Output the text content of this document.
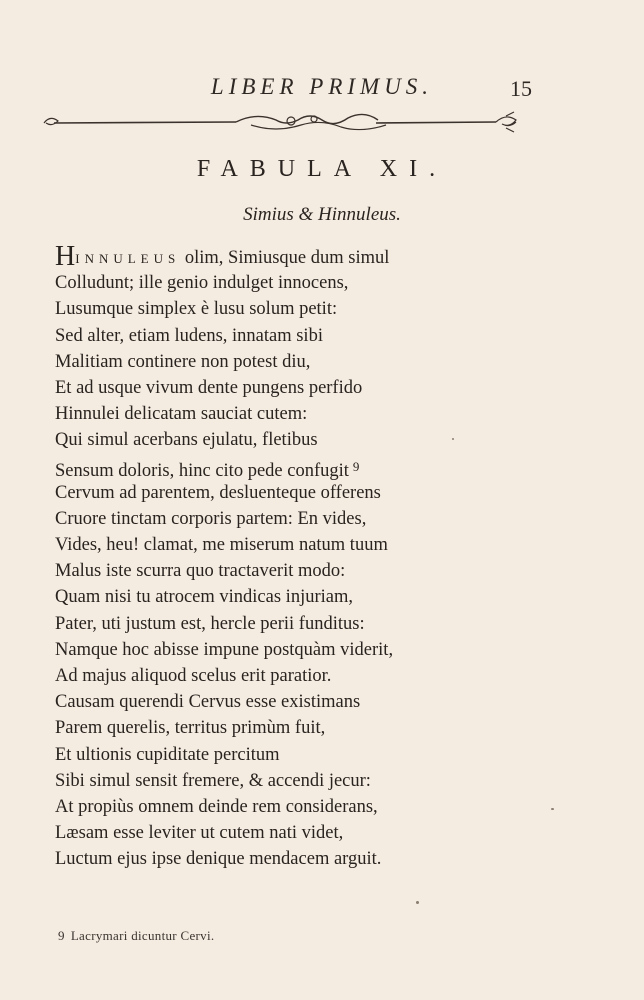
LIBER PRIMUS.	15
FABULA XI.
Simius & Hinnuleus.
HINNULEUS olim, Simiusque dum simul
Colludunt; ille genio indulget innocens,
Lusumque simplex è lusu solum petit:
Sed alter, etiam ludens, innatam sibi
Malitiam continere non potest diu,
Et ad usque vivum dente pungens perfido
Hinnulei delicatam sauciat cutem:
Qui simul acerbans ejulatu, fletibus
Sensum doloris, hinc cito pede confugit $^9$
Cervum ad parentem, desluenteque offerens
Cruore tinctam corporis partem: En vides,
Vides, heu! clamat, me miserum natum tuum
Malus iste scurra quo tractaverit modo:
Quam nisi tu atrocem vindicas injuriam,
Pater, uti justum est, hercle perii funditus:
Namque hoc abisse impune postquàm viderit,
Ad majus aliquod scelus erit paratior.
Causam querendi Cervus esse existimans
Parem querelis, territus primùm fuit,
Et ultionis cupiditate percitum
Sibi simul sensit fremere, & accendi jecur:
At propiùs omnem deinde rem considerans,
Læsam esse leviter ut cutem nati videt,
Luctum ejus ipse denique mendacem arguit.
9 Lacrymari dicuntur Cervi.
